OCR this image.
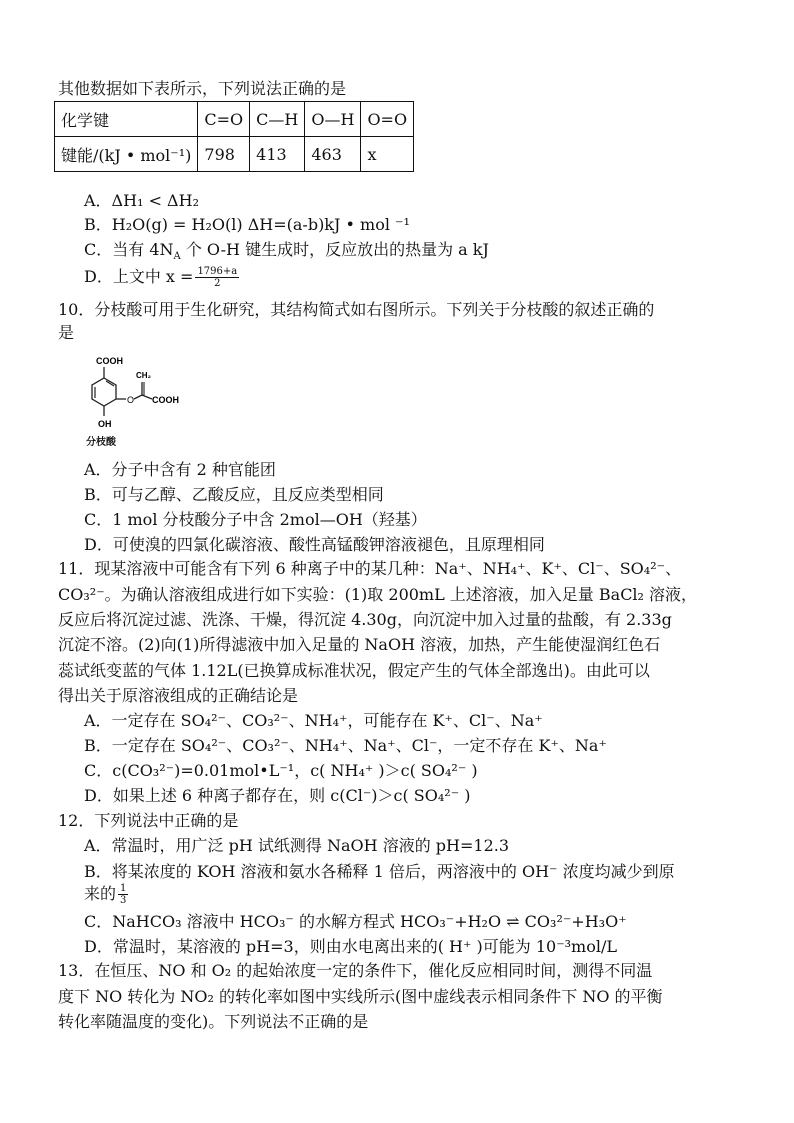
其他数据如下表所示，下列说法正确的是
化学键	C=O	C—H	O—H	O=O
键能/(kJ • mol⁻¹)	798	413	463	x
A．ΔH₁ < ΔH₂
B．H₂O(g) = H₂O(l) ΔH=(a-b)kJ • mol ⁻¹
C．当有 $4N_A$ 个 O-H 键生成时，反应放出的热量为 a kJ
D．上文中 $x = \frac{1796+a}{2}$
10．分枝酸可用于生化研究，其结构简式如右图所示。下列关于分枝酸的叙述正确的
是
COOH
O
CH₂
COOH
OH
分枝酸
A．分子中含有 2 种官能团
B．可与乙醇、乙酸反应，且反应类型相同
C．1 mol 分枝酸分子中含 2mol—OH（羟基）
D．可使溴的四氯化碳溶液、酸性高锰酸钾溶液褪色，且原理相同
11．现某溶液中可能含有下列 6 种离子中的某几种：Na⁺、NH₄⁺、K⁺、Cl⁻、SO₄²⁻、
CO₃²⁻。为确认溶液组成进行如下实验：(1)取 200mL 上述溶液，加入足量 BaCl₂ 溶液，
反应后将沉淀过滤、洗涤、干燥，得沉淀 4.30g，向沉淀中加入过量的盐酸，有 2.33g
沉淀不溶。(2)向(1)所得滤液中加入足量的 NaOH 溶液，加热，产生能使湿润红色石
蕊试纸变蓝的气体 1.12L(已换算成标准状况，假定产生的气体全部逸出)。由此可以
得出关于原溶液组成的正确结论是
A．一定存在 SO₄²⁻、CO₃²⁻、NH₄⁺，可能存在 K⁺、Cl⁻、Na⁺
B．一定存在 SO₄²⁻、CO₃²⁻、NH₄⁺、Na⁺、Cl⁻，一定不存在 K⁺、Na⁺
C．c(CO₃²⁻)=0.01mol•L⁻¹，c( NH₄⁺ )＞c( SO₄²⁻ )
D．如果上述 6 种离子都存在，则 c(Cl⁻)＞c( SO₄²⁻ )
12．下列说法中正确的是
A．常温时，用广泛 pH 试纸测得 NaOH 溶液的 pH=12.3
B．将某浓度的 KOH 溶液和氨水各稀释 1 倍后，两溶液中的 OH⁻ 浓度均减少到原
来的 $\frac{1}{3}$
C．NaHCO₃ 溶液中 HCO₃⁻ 的水解方程式 HCO₃⁻+H₂O ⇌ CO₃²⁻+H₃O⁺
D．常温时，某溶液的 pH=3，则由水电离出来的( H⁺ )可能为 10⁻³mol/L
13．在恒压、NO 和 O₂ 的起始浓度一定的条件下，催化反应相同时间，测得不同温
度下 NO 转化为 NO₂ 的转化率如图中实线所示(图中虚线表示相同条件下 NO 的平衡
转化率随温度的变化)。下列说法不正确的是
